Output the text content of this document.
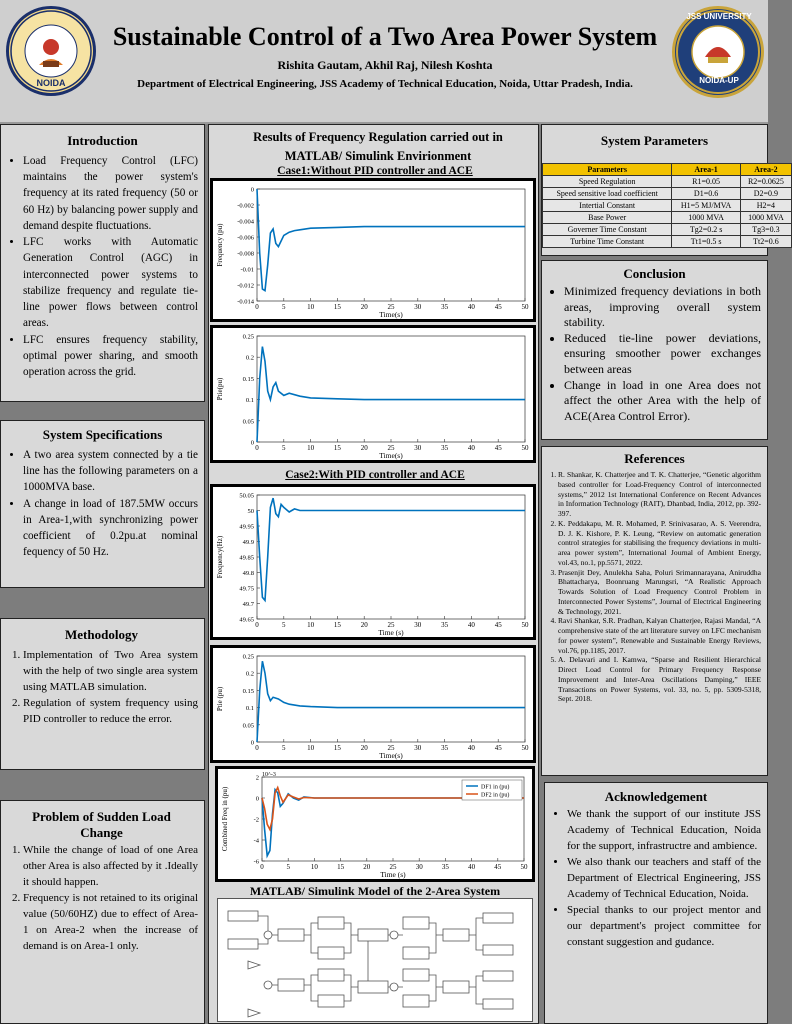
NOIDA
Sustainable Control of a Two Area Power System
Rishita Gautam, Akhil Raj, Nilesh Koshta
Department of Electrical Engineering, JSS Academy of Technical Education, Noida, Uttar Pradesh, India.
JSS UNIVERSITY
NOIDA-UP
Introduction
• Load Frequency Control (LFC) maintains the power system's frequency at its rated frequency (50 or 60 Hz) by balancing power supply and demand despite fluctuations.
• LFC works with Automatic Generation Control (AGC) in interconnected power systems to stabilize frequency and regulate tie-line power flows between control areas.
• LFC ensures frequency stability, optimal power sharing, and smooth operation across the grid.
System Specifications
• A two area system connected by a tie line has the following parameters on a 1000MVA base.
• A change in load of 187.5MW occurs in Area-1,with synchronizing power coefficient of 0.2pu.at nominal fequency of 50 Hz.
Methodology
1. Implementation of Two Area system with the help of two single area system using MATLAB simulation.
2. Regulation of system frequency using PID controller to reduce the error.
Problem of Sudden Load Change
1. While the change of load of one Area other Area is also affected by it .Ideally it should happen.
2. Frequency is not retained to its original value (50/60HZ) due to effect of Area-1 on Area-2 when the increase of demand is on Area-1 only.
Results of Frequency Regulation carried out in MATLAB/ Simulink Envirionment
Case1:Without PID controller and ACE
0	5	10	15	20	25	30	35	40	45	50
0
-0.002
-0.004
-0.006
-0.008
-0.01
-0.012
-0.014
Time(s)
Frequency (pu)
0	5	10	15	20	25	30	35	40	45	50
0
0.05
0.1
0.15
0.2
0.25
Time(s)
Ptie(pu)
Case2:With PID controller and ACE
0	5	10	15	20	25	30	35	40	45	50
50.05
50
49.95
49.9
49.85
49.8
49.75
49.7
49.65
Time (s)
Frequency(Hz)
0	5	10	15	20	25	30	35	40	45	50
0
0.05
0.1
0.15
0.2
0.25
Time(s)
Ptie (pu)
0	5	10	15	20	25	30	35	40	45	50
2
0
-2
-4
-6
Time (s)
Combined Freq in (pu)
10^-3
DF1 in (pu)
DF2 in (pu)
MATLAB/ Simulink Model of the 2-Area System
System Parameters
Parameters	Area-1	Area-2
Speed Regulation	R1=0.05	R2=0.0625
Speed sensitive load coefficient	D1=0.6	D2=0.9
Intertial Constant	H1=5 MJ/MVA	H2=4
Base Power	1000 MVA	1000 MVA
Governer Time Constant	Tg2=0.2 s	Tg3=0.3
Turbine Time Constant	Tt1=0.5 s	Tt2=0.6
Conclusion
• Minimized frequency deviations in both areas, improving overall system stability.
• Reduced tie-line power deviations, ensuring smoother power exchanges between areas
• Change in load in one Area does not affect the other Area with the help of ACE(Area Control Error).
References
1. R. Shankar, K. Chatterjee and T. K. Chatterjee, “Genetic algorithm based controller for Load-Frequency Control of interconnected systems,” 2012 1st International Conference on Recent Advances in Information Technology (RAIT), Dhanbad, India, 2012, pp. 392-397.
2. K. Peddakapu, M. R. Mohamed, P. Srinivasarao, A. S. Veerendra, D. J. K. Kishore, P. K. Leung, “Review on automatic generation control strategies for stabilising the frequency deviations in multi-area power system”, International Journal of Ambient Energy, vol.43, no.1, pp.5571, 2022.
3. Prasenjit Dey, Anulekha Saha, Poluri Srimannarayana, Aniruddha Bhattacharya, Boonruang Marungsri, “A Realistic Approach Towards Solution of Load Frequency Control Problem in Interconnected Power Systems”, Journal of Electrical Engineering & Technology, 2021.
4. Ravi Shankar, S.R. Pradhan, Kalyan Chatterjee, Rajasi Mandal, “A comprehensive state of the art literature survey on LFC mechanism for power system”, Renewable and Sustainable Energy Reviews, vol.76, pp.1185, 2017.
5. A. Delavari and I. Kamwa, “Sparse and Resilient Hierarchical Direct Load Control for Primary Frequency Response Improvement and Inter-Area Oscillations Damping,” IEEE Transactions on Power Systems, vol. 33, no. 5, pp. 5309-5318, Sept. 2018.
Acknowledgement
• We thank the support of our institute JSS Academy of Technical Education, Noida for the support, infrastructre and ambience.
• We also thank our teachers and staff of the Department of Electrical Engineering, JSS Academy of Technical Education, Noida.
• Special thanks to our project mentor and our department's project committee for constant suggestion and gudance.
